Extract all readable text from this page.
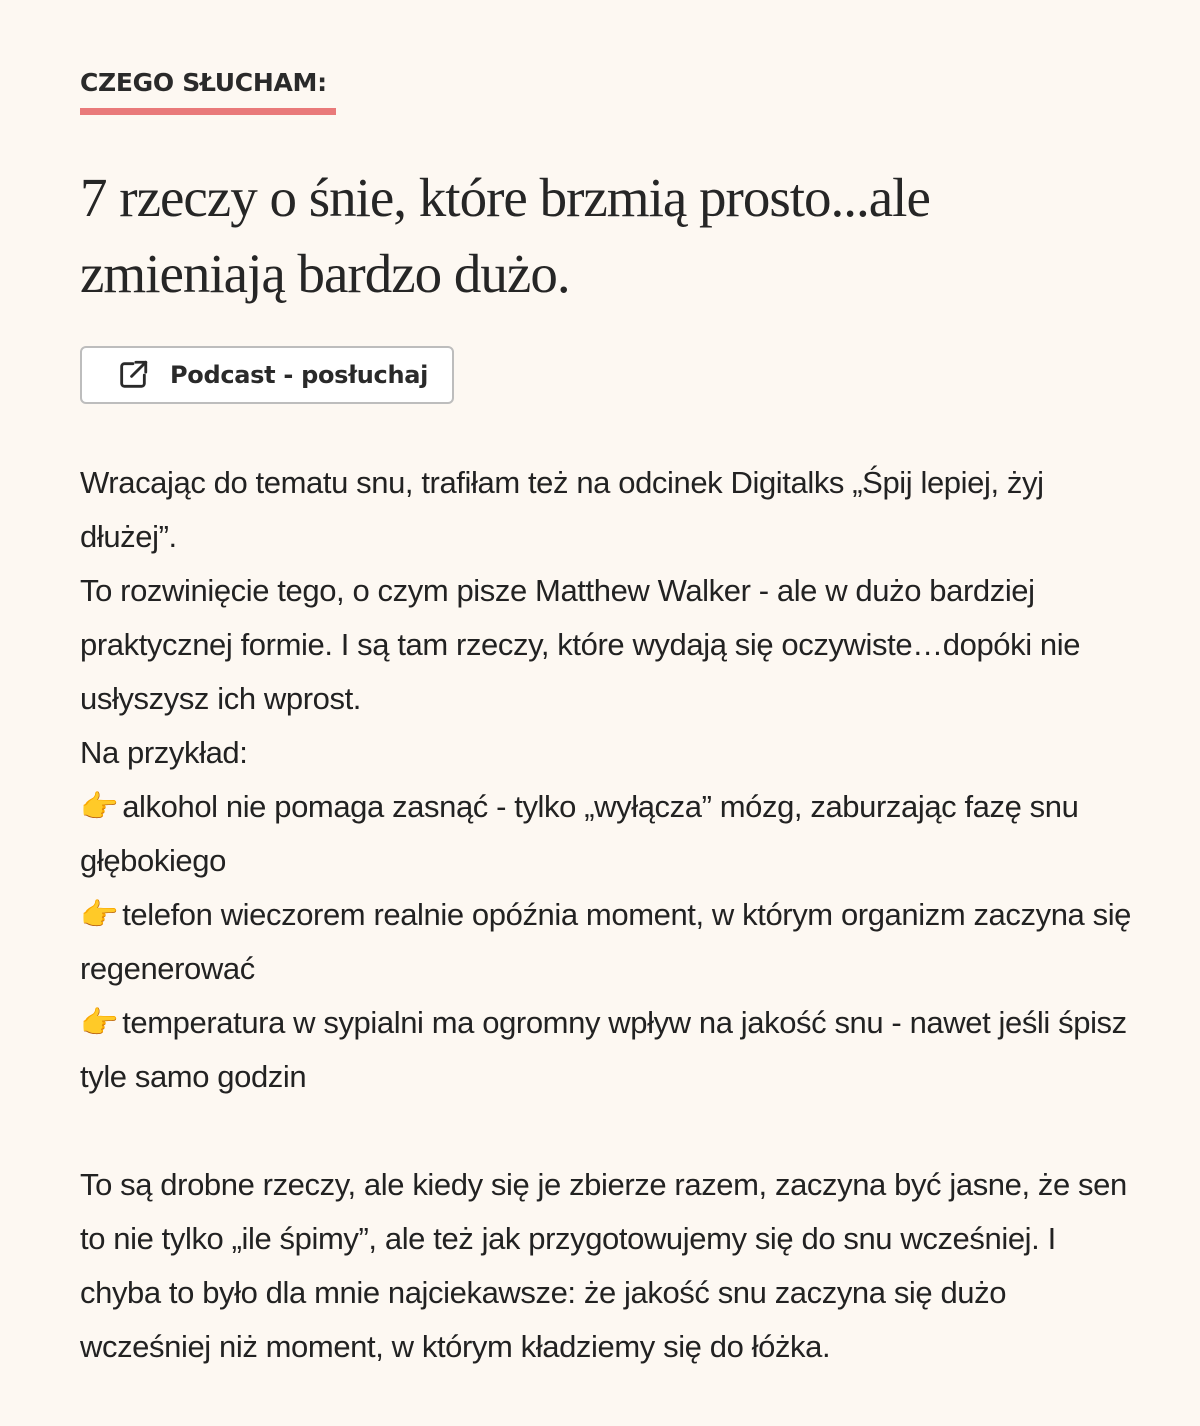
CZEGO SŁUCHAM:
7 rzeczy o śnie, które brzmią prosto...ale zmieniają bardzo dużo.
Podcast - posłuchaj

Wracając do tematu snu, trafiłam też na odcinek Digitalks „Śpij lepiej, żyj dłużej”.

To rozwinięcie tego, o czym pisze Matthew Walker - ale w dużo bardziej praktycznej formie. I są tam rzeczy, które wydają się oczywiste…dopóki nie usłyszysz ich wprost.

Na przykład:

👉 alkohol nie pomaga zasnąć - tylko „wyłącza” mózg, zaburzając fazę snu głębokiego

👉 telefon wieczorem realnie opóźnia moment, w którym organizm zaczyna się regenerować

👉 temperatura w sypialni ma ogromny wpływ na jakość snu - nawet jeśli śpisz tyle samo godzin

To są drobne rzeczy, ale kiedy się je zbierze razem, zaczyna być jasne, że sen to nie tylko „ile śpimy”, ale też jak przygotowujemy się do snu wcześniej. I chyba to było dla mnie najciekawsze: że jakość snu zaczyna się dużo wcześniej niż moment, w którym kładziemy się do łóżka.
